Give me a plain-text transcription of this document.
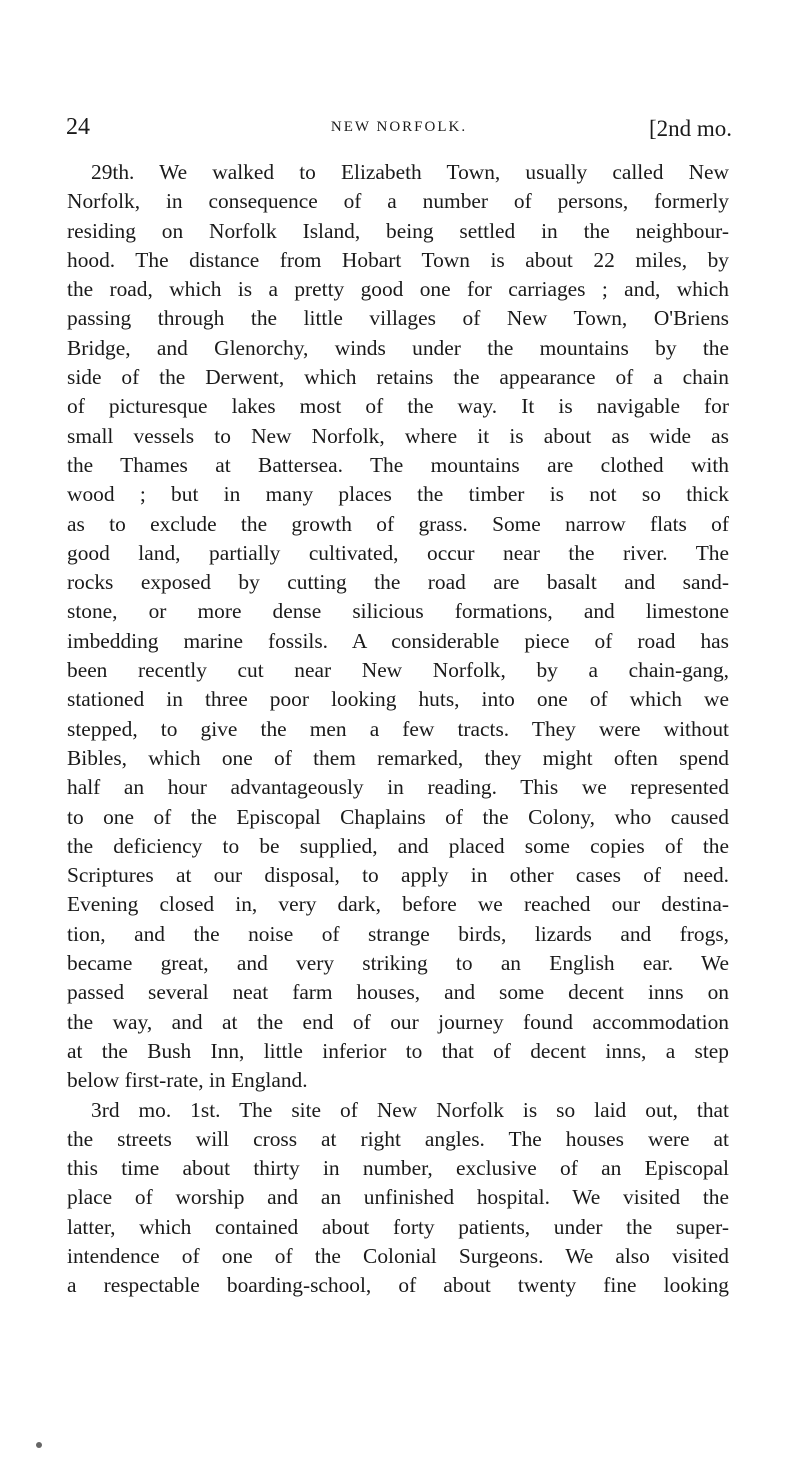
24	NEW NORFOLK.	[2nd mo.
29th. We walked to Elizabeth Town, usually called New
Norfolk, in consequence of a number of persons, formerly
residing on Norfolk Island, being settled in the neighbour-
hood. The distance from Hobart Town is about 22 miles, by
the road, which is a pretty good one for carriages ; and, which
passing through the little villages of New Town, O'Briens
Bridge, and Glenorchy, winds under the mountains by the
side of the Derwent, which retains the appearance of a chain
of picturesque lakes most of the way. It is navigable for
small vessels to New Norfolk, where it is about as wide as
the Thames at Battersea. The mountains are clothed with
wood ; but in many places the timber is not so thick
as to exclude the growth of grass. Some narrow flats of
good land, partially cultivated, occur near the river. The
rocks exposed by cutting the road are basalt and sand-
stone, or more dense silicious formations, and limestone
imbedding marine fossils. A considerable piece of road has
been recently cut near New Norfolk, by a chain-gang,
stationed in three poor looking huts, into one of which we
stepped, to give the men a few tracts. They were without
Bibles, which one of them remarked, they might often spend
half an hour advantageously in reading. This we represented
to one of the Episcopal Chaplains of the Colony, who caused
the deficiency to be supplied, and placed some copies of the
Scriptures at our disposal, to apply in other cases of need.
Evening closed in, very dark, before we reached our destina-
tion, and the noise of strange birds, lizards and frogs,
became great, and very striking to an English ear. We
passed several neat farm houses, and some decent inns on
the way, and at the end of our journey found accommodation
at the Bush Inn, little inferior to that of decent inns, a step
below first-rate, in England.
3rd mo. 1st. The site of New Norfolk is so laid out, that
the streets will cross at right angles. The houses were at
this time about thirty in number, exclusive of an Episcopal
place of worship and an unfinished hospital. We visited the
latter, which contained about forty patients, under the super-
intendence of one of the Colonial Surgeons. We also visited
a respectable boarding-school, of about twenty fine looking
